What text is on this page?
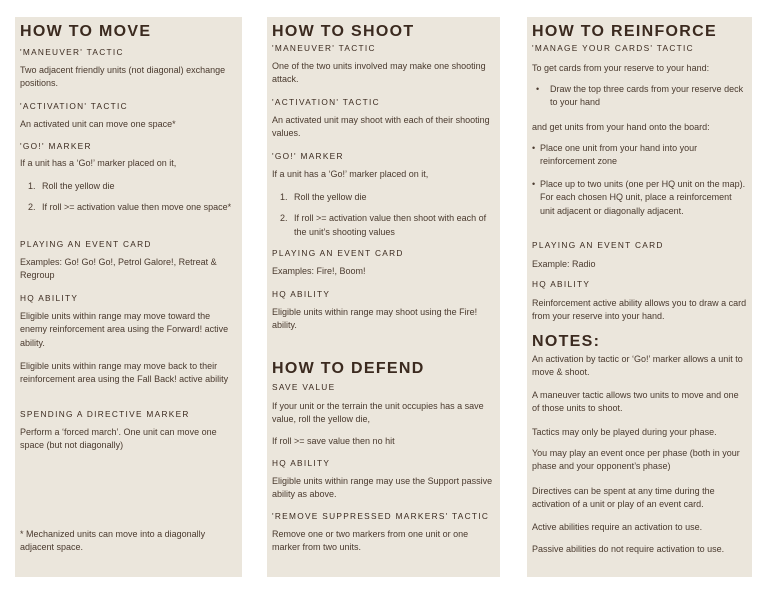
HOW TO MOVE
'MANEUVER' TACTIC

Two adjacent friendly units (not diagonal) exchange positions.

'ACTIVATION' TACTIC

An activated unit can move one space*

'GO!' MARKER

If a unit has a ‘Go!’ marker placed on it,

1. Roll the yellow die
2. If roll >= activation value then move one space*
PLAYING AN EVENT CARD

Examples: Go! Go! Go!, Petrol Galore!, Retreat & Regroup

HQ ABILITY

Eligible units within range may move toward the enemy reinforcement area using the Forward! active ability.

Eligible units within range may move back to their reinforcement area using the Fall Back! active ability

SPENDING A DIRECTIVE MARKER

Perform a ‘forced march’. One unit can move one space (but not diagonally)

* Mechanized units can move into a diagonally adjacent space.

HOW TO SHOOT
'MANEUVER' TACTIC

One of the two units involved may make one shooting attack.

'ACTIVATION' TACTIC

An activated unit may shoot with each of their shooting values.

'GO!' MARKER

If a unit has a ‘Go!’ marker placed on it,

1. Roll the yellow die
2. If roll >= activation value then shoot with each of the unit’s shooting values
PLAYING AN EVENT CARD

Examples: Fire!, Boom!

HQ ABILITY

Eligible units within range may shoot using the Fire! ability.

HOW TO DEFEND
SAVE VALUE

If your unit or the terrain the unit occupies has a save value, roll the yellow die,

If roll >= save value then no hit

HQ ABILITY

Eligible units within range may use the Support passive ability as above.

'REMOVE SUPPRESSED MARKERS' TACTIC

Remove one or two markers from one unit or one marker from two units.

HOW TO REINFORCE
'MANAGE YOUR CARDS' TACTIC

To get cards from your reserve to your hand:

• Draw the top three cards from your reserve deck to your hand

and get units from your hand onto the board:

• Place one unit from your hand into your reinforcement zone

• Place up to two units (one per HQ unit on the map). For each chosen HQ unit, place a reinforcement unit adjacent or diagonally adjacent.

PLAYING AN EVENT CARD

Example: Radio

HQ ABILITY

Reinforcement active ability allows you to draw a card from your reserve into your hand.

NOTES:

An activation by tactic or ‘Go!’ marker allows a unit to move & shoot.

A maneuver tactic allows two units to move and one of those units to shoot.

Tactics may only be played during your phase.

You may play an event once per phase (both in your phase and your opponent’s phase)

Directives can be spent at any time during the activation of a unit or play of an event card.

Active abilities require an activation to use.

Passive abilities do not require activation to use.
